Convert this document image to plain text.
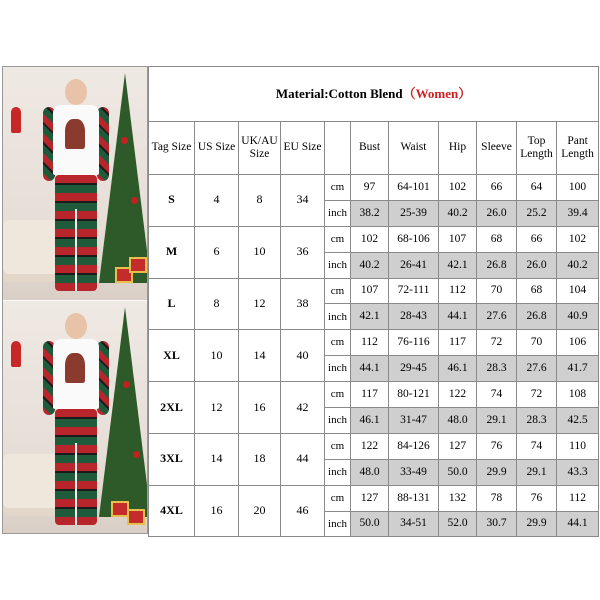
Material:Cotton Blend（Women）										
Tag Size	US Size	UK/AU Size	EU Size		Bust	Waist	Hip	Sleeve	Top Length	Pant Length
S	4	8	34	cm	97	64-101	102	66	64	100
				inch	38.2	25-39	40.2	26.0	25.2	39.4
M	6	10	36	cm	102	68-106	107	68	66	102
				inch	40.2	26-41	42.1	26.8	26.0	40.2
L	8	12	38	cm	107	72-111	112	70	68	104
				inch	42.1	28-43	44.1	27.6	26.8	40.9
XL	10	14	40	cm	112	76-116	117	72	70	106
				inch	44.1	29-45	46.1	28.3	27.6	41.7
2XL	12	16	42	cm	117	80-121	122	74	72	108
				inch	46.1	31-47	48.0	29.1	28.3	42.5
3XL	14	18	44	cm	122	84-126	127	76	74	110
				inch	48.0	33-49	50.0	29.9	29.1	43.3
4XL	16	20	46	cm	127	88-131	132	78	76	112
				inch	50.0	34-51	52.0	30.7	29.9	44.1
